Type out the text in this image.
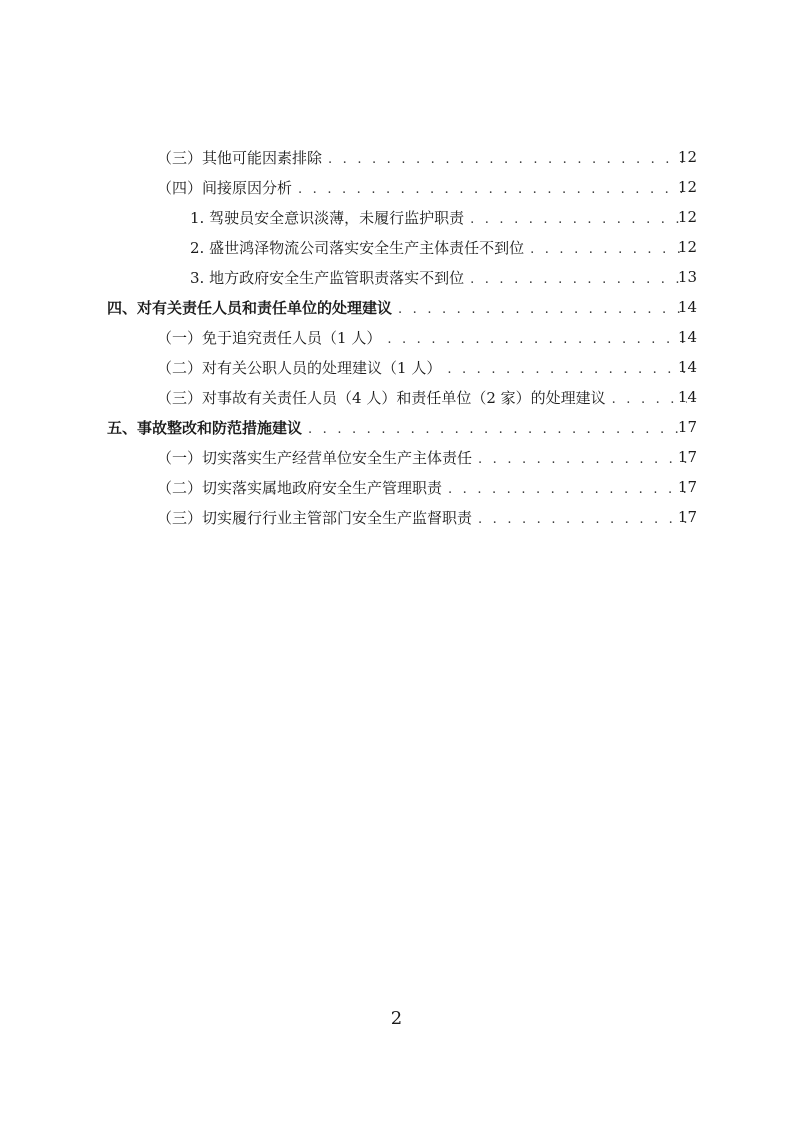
（三）其他可能因素排除 . . .	12
（四）间接原因分析 . . .	12
1. 驾驶员安全意识淡薄，未履行监护职责 . . .	12
2. 盛世鸿泽物流公司落实安全生产主体责任不到位 . . .	12
3. 地方政府安全生产监管职责落实不到位 . . .	13
四、对有关责任人员和责任单位的处理建议 . . .	14
（一）免于追究责任人员（1 人） . . .	14
（二）对有关公职人员的处理建议（1 人） . . .	14
（三）对事故有关责任人员（4 人）和责任单位（2 家）的处理建议 . . .	14
五、事故整改和防范措施建议 . . .	17
（一）切实落实生产经营单位安全生产主体责任 . . .	17
（二）切实落实属地政府安全生产管理职责 . . .	17
（三）切实履行行业主管部门安全生产监督职责 . . .	17
2
